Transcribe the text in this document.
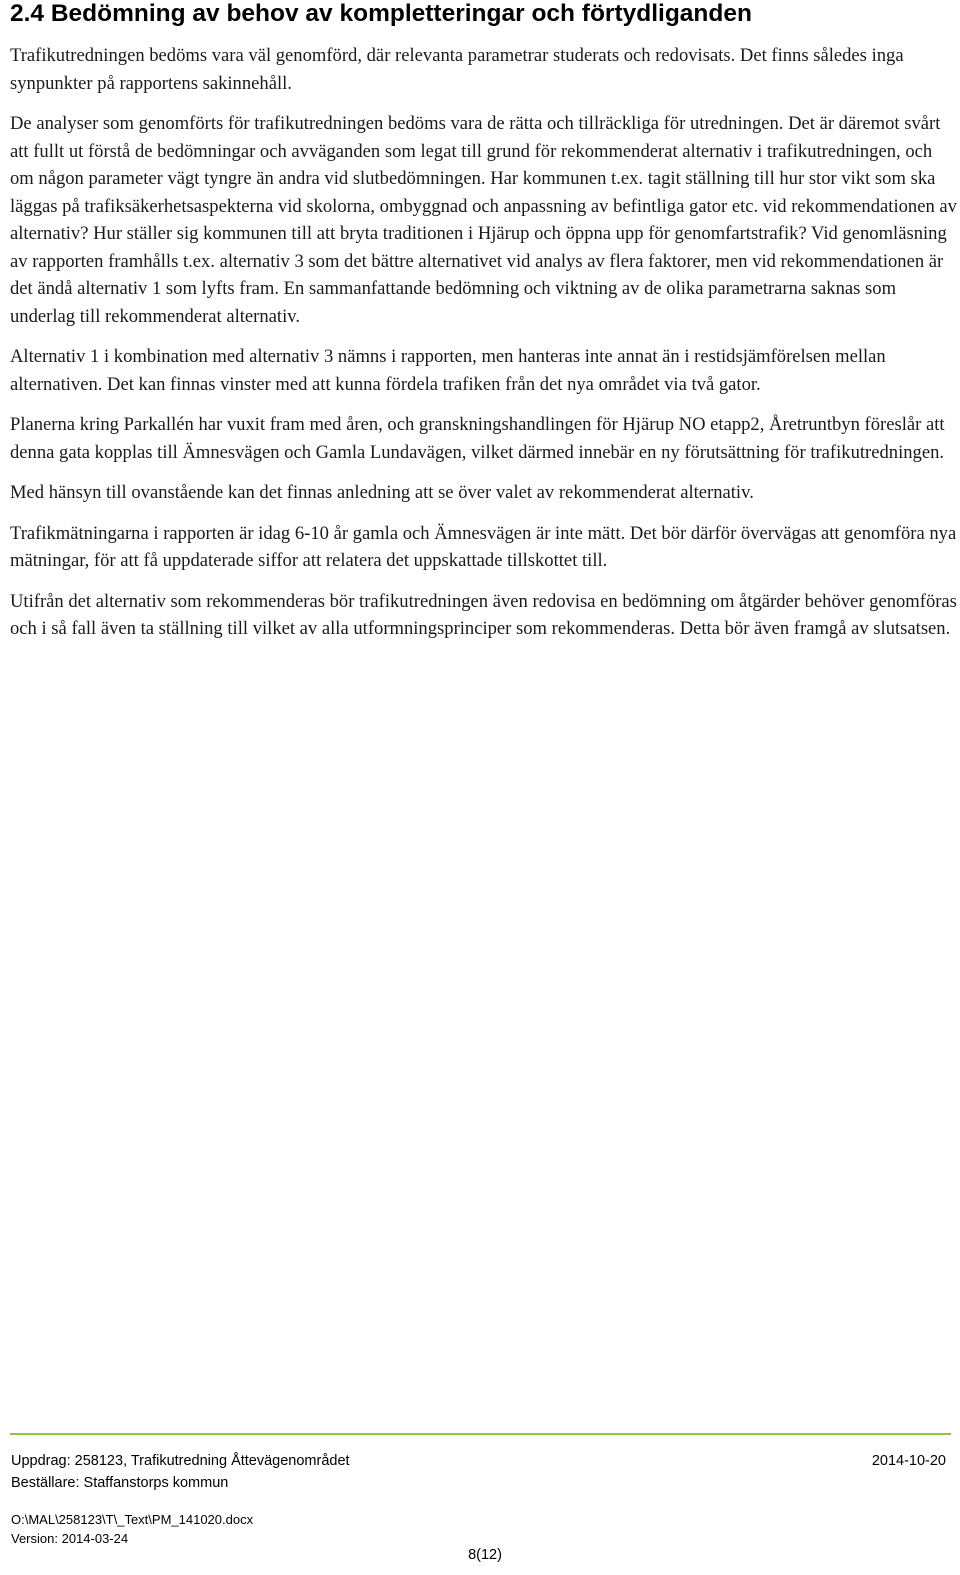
2.4 Bedömning av behov av kompletteringar och förtydliganden

Trafikutredningen bedöms vara väl genomförd, där relevanta parametrar studerats och redovisats. Det finns således inga synpunkter på rapportens sakinnehåll.

De analyser som genomförts för trafikutredningen bedöms vara de rätta och tillräckliga för utredningen. Det är däremot svårt att fullt ut förstå de bedömningar och avväganden som legat till grund för rekommenderat alternativ i trafikutredningen, och om någon parameter vägt tyngre än andra vid slutbedömningen. Har kommunen t.ex. tagit ställning till hur stor vikt som ska läggas på trafiksäkerhetsaspekterna vid skolorna, ombyggnad och anpassning av befintliga gator etc. vid rekommendationen av alternativ? Hur ställer sig kommunen till att bryta traditionen i Hjärup och öppna upp för genomfartstrafik? Vid genomläsning av rapporten framhålls t.ex. alternativ 3 som det bättre alternativet vid analys av flera faktorer, men vid rekommendationen är det ändå alternativ 1 som lyfts fram. En sammanfattande bedömning och viktning av de olika parametrarna saknas som underlag till rekommenderat alternativ.

Alternativ 1 i kombination med alternativ 3 nämns i rapporten, men hanteras inte annat än i restidsjämförelsen mellan alternativen. Det kan finnas vinster med att kunna fördela trafiken från det nya området via två gator.

Planerna kring Parkallén har vuxit fram med åren, och granskningshandlingen för Hjärup NO etapp2, Åretruntbyn föreslår att denna gata kopplas till Ämnesvägen och Gamla Lundavägen, vilket därmed innebär en ny förutsättning för trafikutredningen.

Med hänsyn till ovanstående kan det finnas anledning att se över valet av rekommenderat alternativ.

Trafikmätningarna i rapporten är idag 6-10 år gamla och Ämnesvägen är inte mätt. Det bör därför övervägas att genomföra nya mätningar, för att få uppdaterade siffor att relatera det uppskattade tillskottet till.

Utifrån det alternativ som rekommenderas bör trafikutredningen även redovisa en bedömning om åtgärder behöver genomföras och i så fall även ta ställning till vilket av alla utformningsprinciper som rekommenderas. Detta bör även framgå av slutsatsen.

Uppdrag: 258123, Trafikutredning Åttevägenområdet	2014-10-20
Beställare: Staffanstorps kommun
O:\MAL\258123\T\_Text\PM_141020.docx
Version: 2014-03-24
8(12)
